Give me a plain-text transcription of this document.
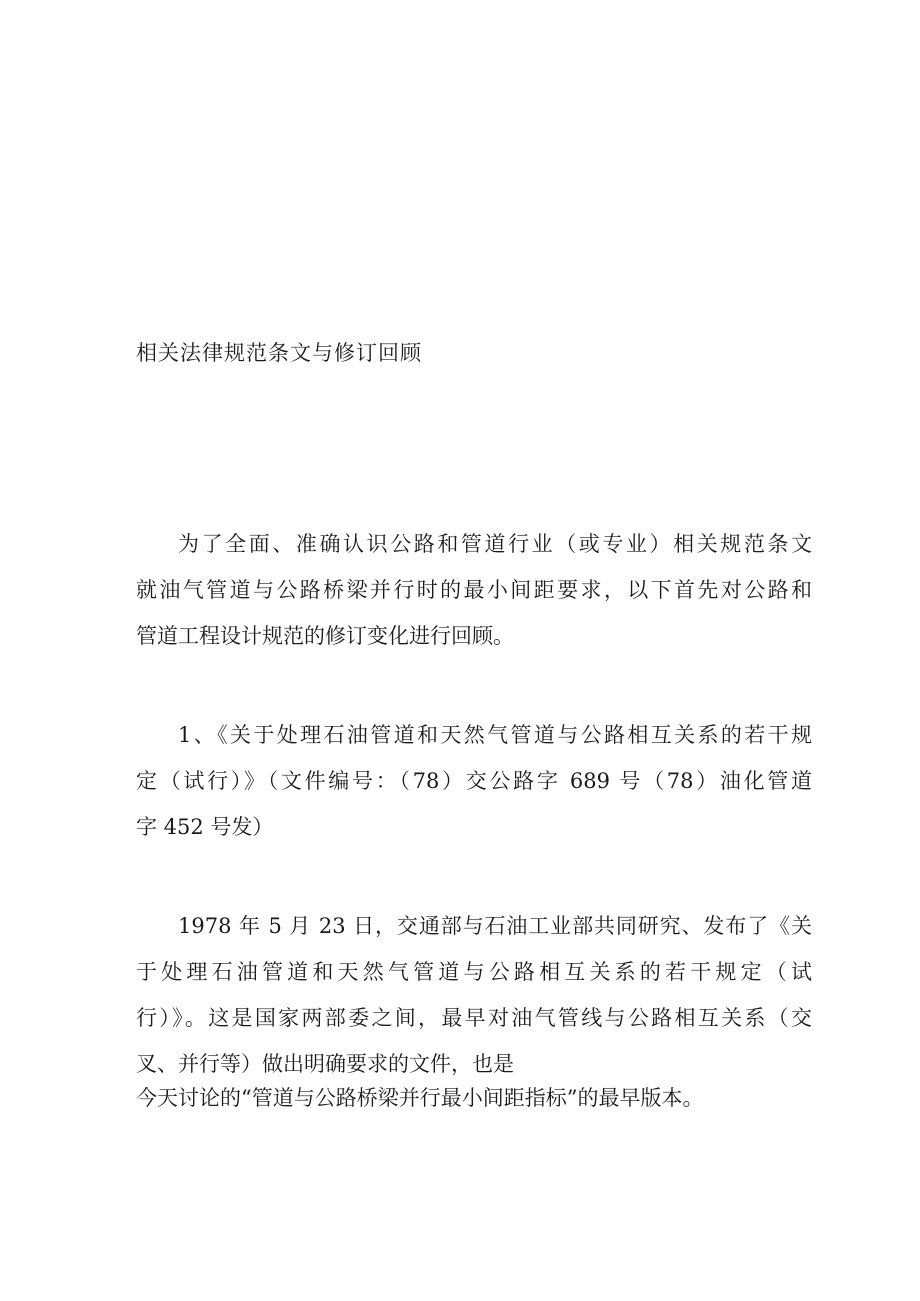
相关法律规范条文与修订回顾
为了全面、准确认识公路和管道行业（或专业）相关规范条文
就油气管道与公路桥梁并行时的最小间距要求，以下首先对公路和
管道工程设计规范的修订变化进行回顾。
1、《关于处理石油管道和天然气管道与公路相互关系的若干规
定（试行）》（文件编号：（78）交公路字 689 号（78）油化管道
字 452 号发）
1978 年 5 月 23 日，交通部与石油工业部共同研究、发布了《关
于处理石油管道和天然气管道与公路相互关系的若干规定（试
行）》。这是国家两部委之间，最早对油气管线与公路相互关系（交
叉、并行等）做出明确要求的文件，也是
今天讨论的“管道与公路桥梁并行最小间距指标”的最早版本。
